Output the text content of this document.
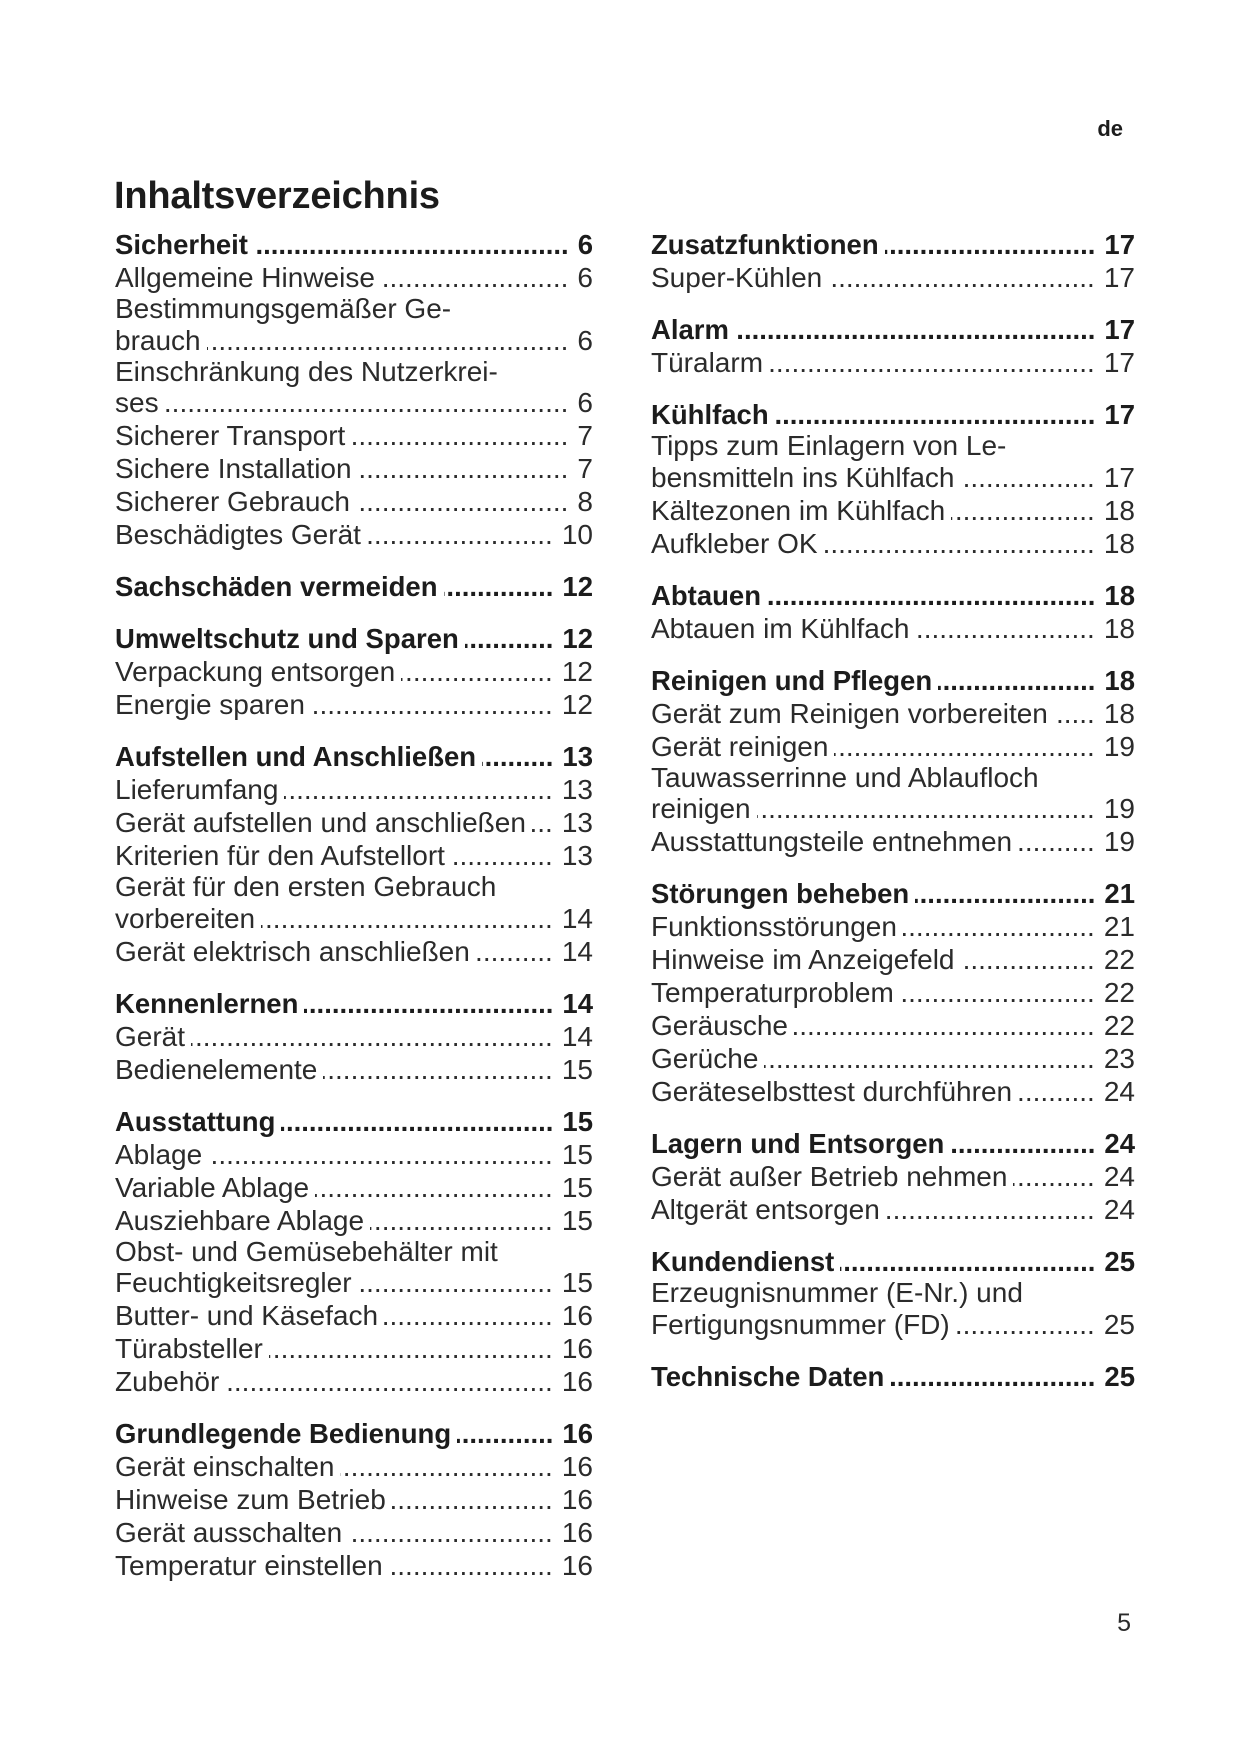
de
Inhaltsverzeichnis
Sicherheit .....	6
Allgemeine Hinweise .....	6
Bestimmungsgemäßer Ge-
brauch .....	6
Einschränkung des Nutzerkrei-
ses .....	6
Sicherer Transport .....	7
Sichere Installation .....	7
Sicherer Gebrauch .....	8
Beschädigtes Gerät .....	10
Sachschäden vermeiden .....	12
Umweltschutz und Sparen .....	12
Verpackung entsorgen .....	12
Energie sparen .....	12
Aufstellen und Anschließen .....	13
Lieferumfang .....	13
Gerät aufstellen und anschließen ..... 13
Kriterien für den Aufstellort .....	13
Gerät für den ersten Gebrauch
vorbereiten .....	14
Gerät elektrisch anschließen .....	14
Kennenlernen .....	14
Gerät .....	14
Bedienelemente .....	15
Ausstattung .....	15
Ablage .....	15
Variable Ablage .....	15
Ausziehbare Ablage .....	15
Obst- und Gemüsebehälter mit
Feuchtigkeitsregler .....	15
Butter- und Käsefach .....	16
Türabsteller .....	16
Zubehör .....	16
Grundlegende Bedienung .....	16
Gerät einschalten .....	16
Hinweise zum Betrieb .....	16
Gerät ausschalten .....	16
Temperatur einstellen .....	16
Zusatzfunktionen .....	17
Super-Kühlen .....	17
Alarm .....	17
Türalarm .....	17
Kühlfach .....	17
Tipps zum Einlagern von Le-
bensmitteln ins Kühlfach .....	17
Kältezonen im Kühlfach .....	18
Aufkleber OK .....	18
Abtauen .....	18
Abtauen im Kühlfach .....	18
Reinigen und Pflegen .....	18
Gerät zum Reinigen vorbereiten ..... 18
Gerät reinigen .....	19
Tauwasserrinne und Ablaufloch
reinigen .....	19
Ausstattungsteile entnehmen .....	19
Störungen beheben .....	21
Funktionsstörungen .....	21
Hinweise im Anzeigefeld .....	22
Temperaturproblem .....	22
Geräusche .....	22
Gerüche .....	23
Geräteselbsttest durchführen .....	24
Lagern und Entsorgen .....	24
Gerät außer Betrieb nehmen .....	24
Altgerät entsorgen .....	24
Kundendienst .....	25
Erzeugnisnummer (E-Nr.) und
Fertigungsnummer (FD) .....	25
Technische Daten .....	25
5
